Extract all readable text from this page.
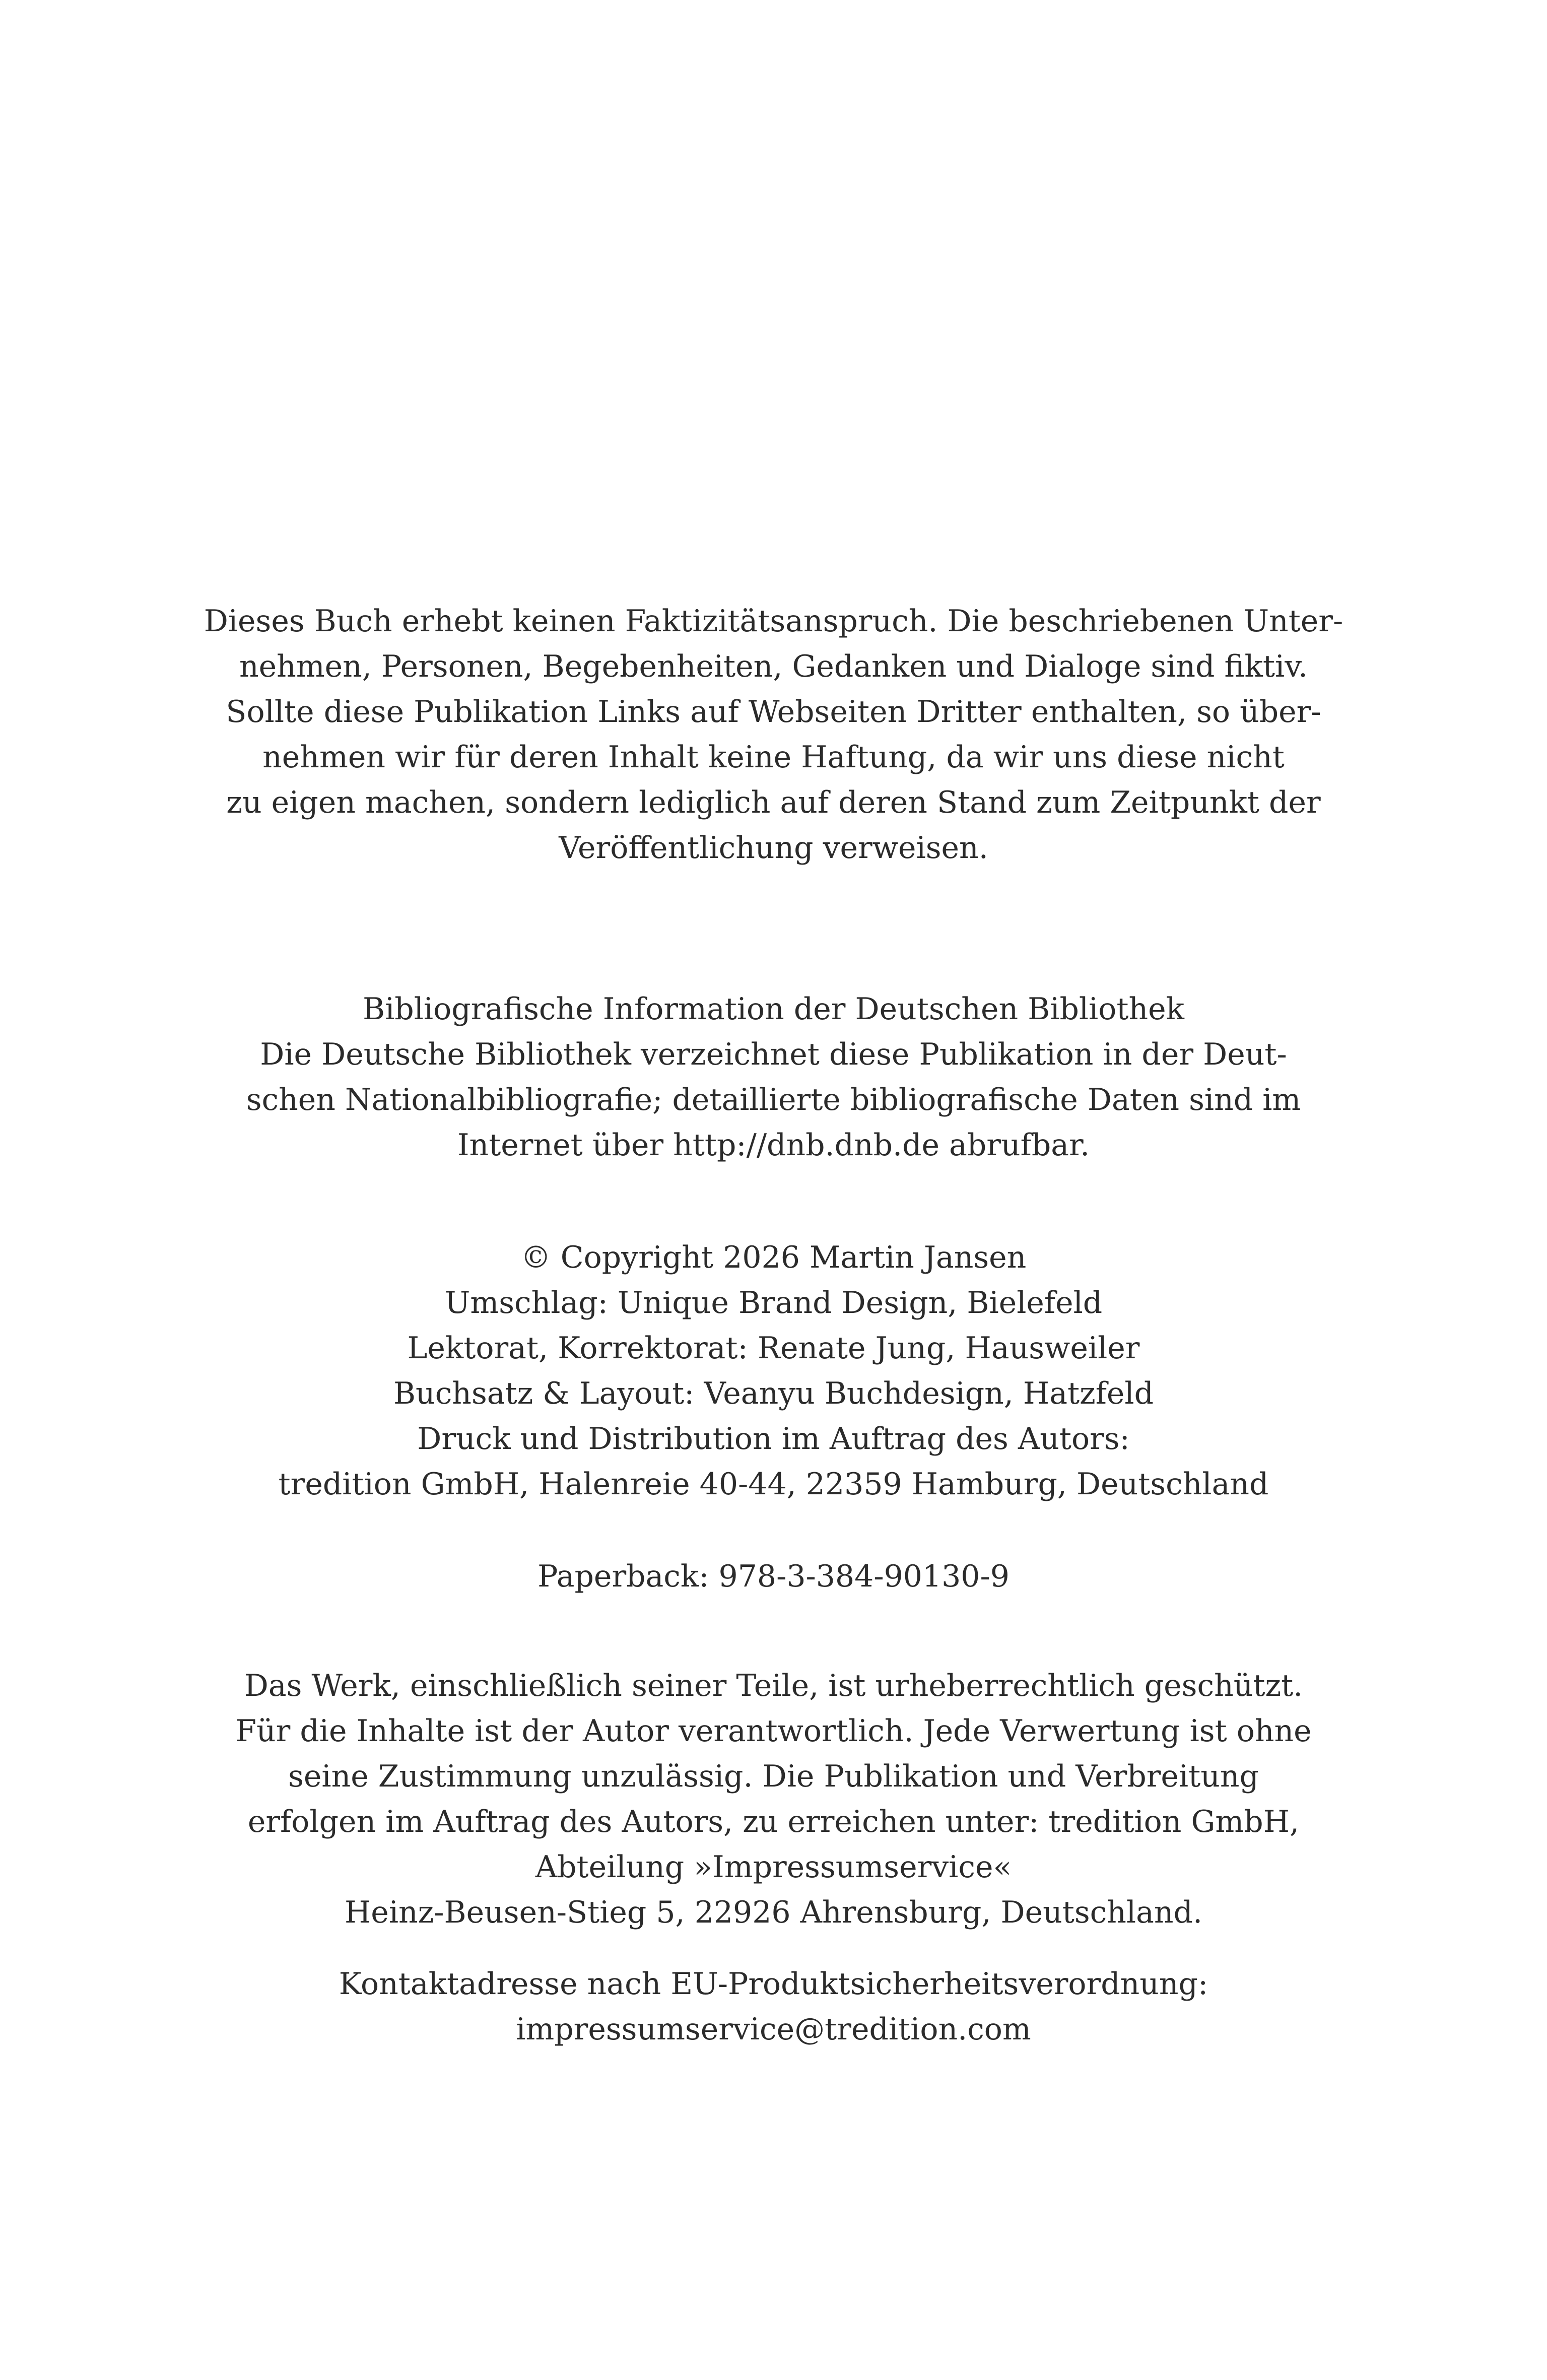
Dieses Buch erhebt keinen Faktizitätsanspruch. Die beschriebenen Unter-
nehmen, Personen, Begebenheiten, Gedanken und Dialoge sind fiktiv.
Sollte diese Publikation Links auf Webseiten Dritter enthalten, so über-
nehmen wir für deren Inhalt keine Haftung, da wir uns diese nicht
zu eigen machen, sondern lediglich auf deren Stand zum Zeitpunkt der
Veröffentlichung verweisen.
Bibliografische Information der Deutschen Bibliothek
Die Deutsche Bibliothek verzeichnet diese Publikation in der Deut-
schen Nationalbibliografie; detaillierte bibliografische Daten sind im
Internet über http://dnb.dnb.de abrufbar.
© Copyright 2026 Martin Jansen
Umschlag: Unique Brand Design, Bielefeld
Lektorat, Korrektorat: Renate Jung, Hausweiler
Buchsatz & Layout: Veanyu Buchdesign, Hatzfeld
Druck und Distribution im Auftrag des Autors:
tredition GmbH, Halenreie 40-44, 22359 Hamburg, Deutschland
Paperback: 978-3-384-90130-9
Das Werk, einschließlich seiner Teile, ist urheberrechtlich geschützt.
Für die Inhalte ist der Autor verantwortlich. Jede Verwertung ist ohne
seine Zustimmung unzulässig. Die Publikation und Verbreitung
erfolgen im Auftrag des Autors, zu erreichen unter: tredition GmbH,
Abteilung »Impressumservice«
Heinz-Beusen-Stieg 5, 22926 Ahrensburg, Deutschland.
Kontaktadresse nach EU-Produktsicherheitsverordnung:
impressumservice@tredition.com
